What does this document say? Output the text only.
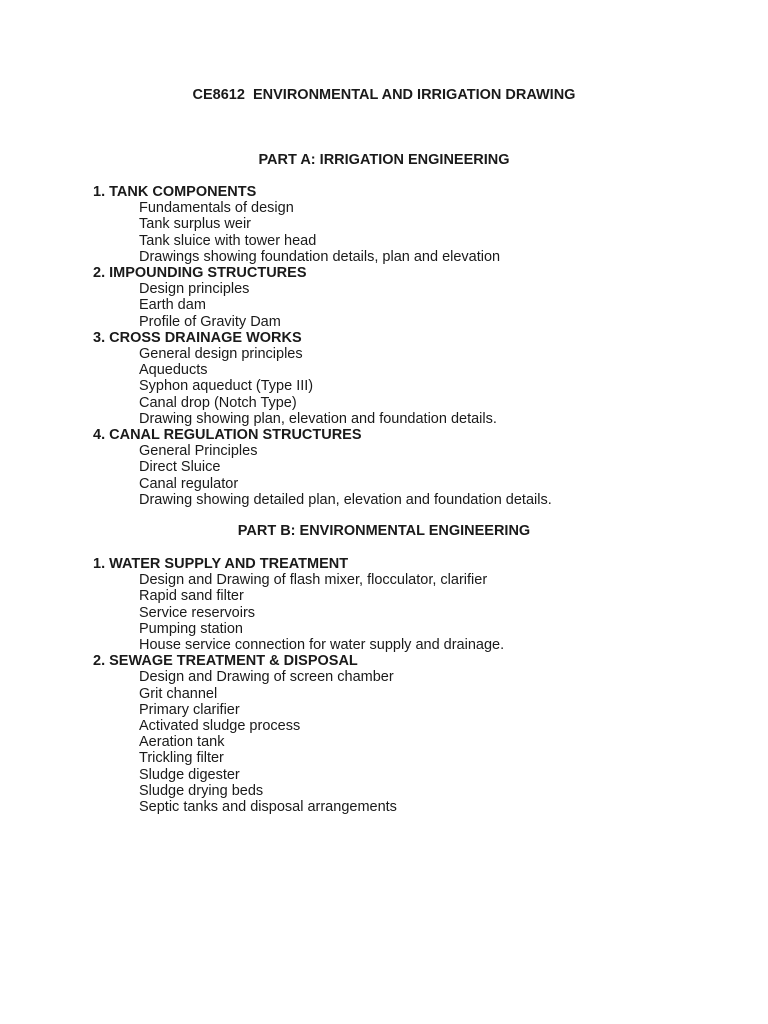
CE8612  ENVIRONMENTAL AND IRRIGATION DRAWING
PART A: IRRIGATION ENGINEERING
1. TANK COMPONENTS
Fundamentals of design
Tank surplus weir
Tank sluice with tower head
Drawings showing foundation details, plan and elevation
2. IMPOUNDING STRUCTURES
Design principles
Earth dam
Profile of Gravity Dam
3. CROSS DRAINAGE WORKS
General design principles
Aqueducts
Syphon aqueduct (Type III)
Canal drop (Notch Type)
Drawing showing plan, elevation and foundation details.
4. CANAL REGULATION STRUCTURES
General Principles
Direct Sluice
Canal regulator
Drawing showing detailed plan, elevation and foundation details.
PART B: ENVIRONMENTAL ENGINEERING
1. WATER SUPPLY AND TREATMENT
Design and Drawing of flash mixer, flocculator, clarifier
Rapid sand filter
Service reservoirs
Pumping station
House service connection for water supply and drainage.
2. SEWAGE TREATMENT & DISPOSAL
Design and Drawing of screen chamber
Grit channel
Primary clarifier
Activated sludge process
Aeration tank
Trickling filter
Sludge digester
Sludge drying beds
Septic tanks and disposal arrangements
